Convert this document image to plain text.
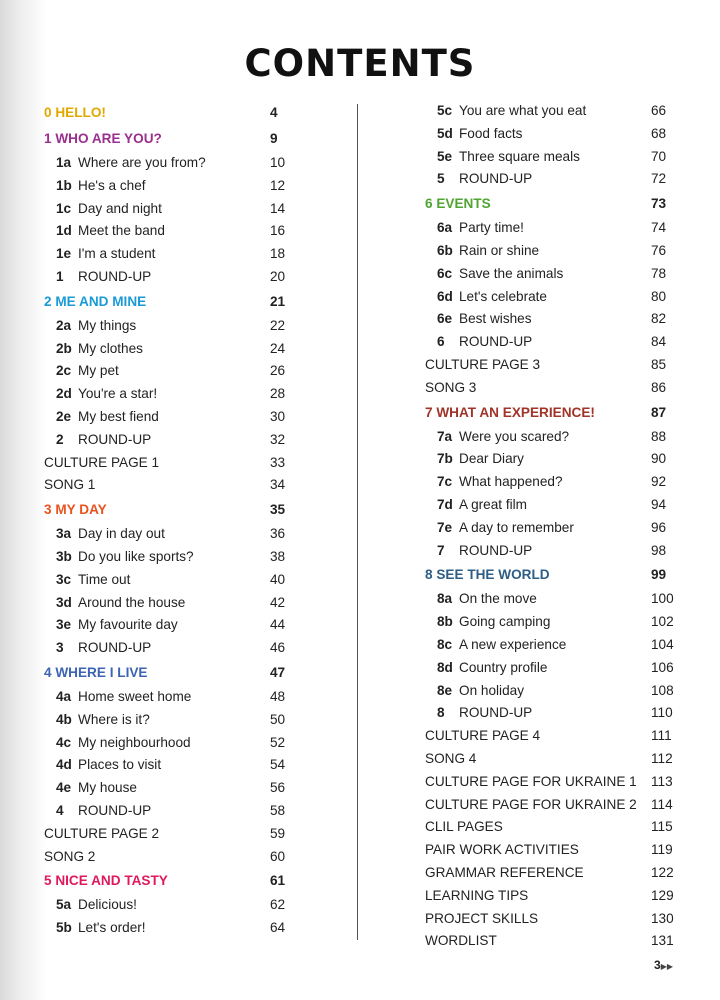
CONTENTS
0 HELLO!	4
1 WHO ARE YOU?	9
1a Where are you from?	10
1b He's a chef	12
1c Day and night	14
1d Meet the band	16
1e I'm a student	18
1 ROUND-UP	20
2 ME AND MINE	21
2a My things	22
2b My clothes	24
2c My pet	26
2d You're a star!	28
2e My best fiend	30
2 ROUND-UP	32
CULTURE PAGE 1	33
SONG 1	34
3 MY DAY	35
3a Day in day out	36
3b Do you like sports?	38
3c Time out	40
3d Around the house	42
3e My favourite day	44
3 ROUND-UP	46
4 WHERE I LIVE	47
4a Home sweet home	48
4b Where is it?	50
4c My neighbourhood	52
4d Places to visit	54
4e My house	56
4 ROUND-UP	58
CULTURE PAGE 2	59
SONG 2	60
5 NICE AND TASTY	61
5a Delicious!	62
5b Let's order!	64
5c You are what you eat	66
5d Food facts	68
5e Three square meals	70
5 ROUND-UP	72
6 EVENTS	73
6a Party time!	74
6b Rain or shine	76
6c Save the animals	78
6d Let's celebrate	80
6e Best wishes	82
6 ROUND-UP	84
CULTURE PAGE 3	85
SONG 3	86
7 WHAT AN EXPERIENCE!	87
7a Were you scared?	88
7b Dear Diary	90
7c What happened?	92
7d A great film	94
7e A day to remember	96
7 ROUND-UP	98
8 SEE THE WORLD	99
8a On the move	100
8b Going camping	102
8c A new experience	104
8d Country profile	106
8e On holiday	108
8 ROUND-UP	110
CULTURE PAGE 4	111
SONG 4	112
CULTURE PAGE FOR UKRAINE 1 113
CULTURE PAGE FOR UKRAINE 2 114
CLIL PAGES	115
PAIR WORK ACTIVITIES	119
GRAMMAR REFERENCE	122
LEARNING TIPS	129
PROJECT SKILLS	130
WORDLIST	131
3▶▶
